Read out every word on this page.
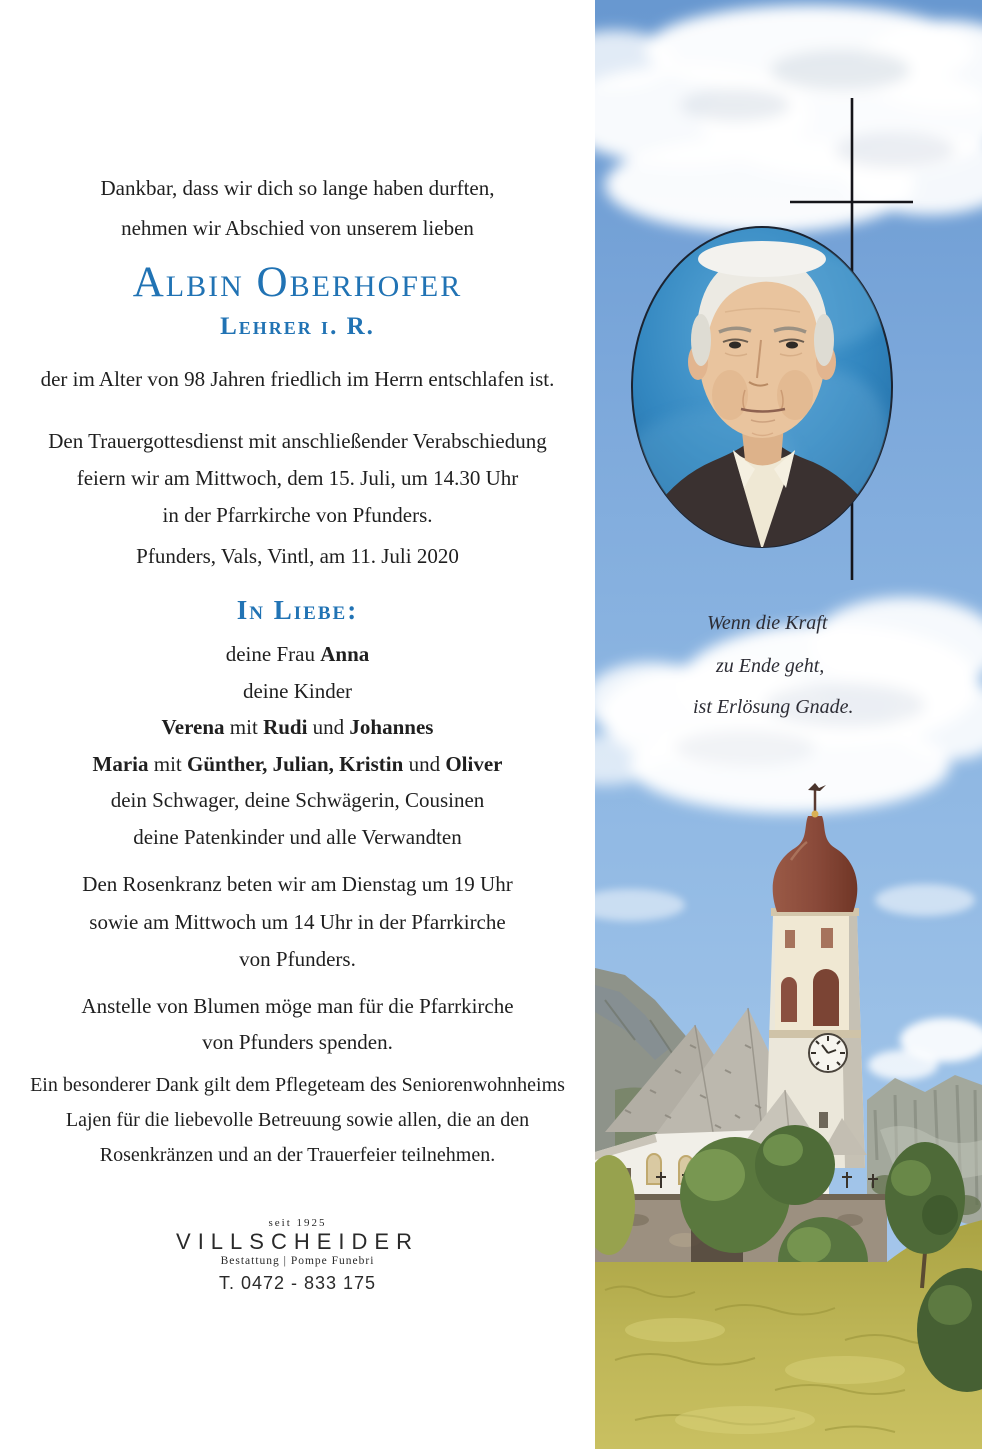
Dankbar, dass wir dich so lange haben durften,
nehmen wir Abschied von unserem lieben
Albin Oberhofer
Lehrer i. R.
der im Alter von 98 Jahren friedlich im Herrn entschlafen ist.
Den Trauergottesdienst mit anschließender Verabschiedung
feiern wir am Mittwoch, dem 15. Juli, um 14.30 Uhr
in der Pfarrkirche von Pfunders.
Pfunders, Vals, Vintl, am 11. Juli 2020
In Liebe:
deine Frau Anna
deine Kinder
Verena mit Rudi und Johannes
Maria mit Günther, Julian, Kristin und Oliver
dein Schwager, deine Schwägerin, Cousinen
deine Patenkinder und alle Verwandten
Den Rosenkranz beten wir am Dienstag um 19 Uhr
sowie am Mittwoch um 14 Uhr in der Pfarrkirche
von Pfunders.
Anstelle von Blumen möge man für die Pfarrkirche
von Pfunders spenden.
Ein besonderer Dank gilt dem Pflegeteam des Seniorenwohnheims
Lajen für die liebevolle Betreuung sowie allen, die an den
Rosenkränzen und an der Trauerfeier teilnehmen.
seit 1925
VILLSCHEIDER
Bestattung | Pompe Funebri
T. 0472 - 833 175
Wenn die Kraft
zu Ende geht,
ist Erlösung Gnade.
